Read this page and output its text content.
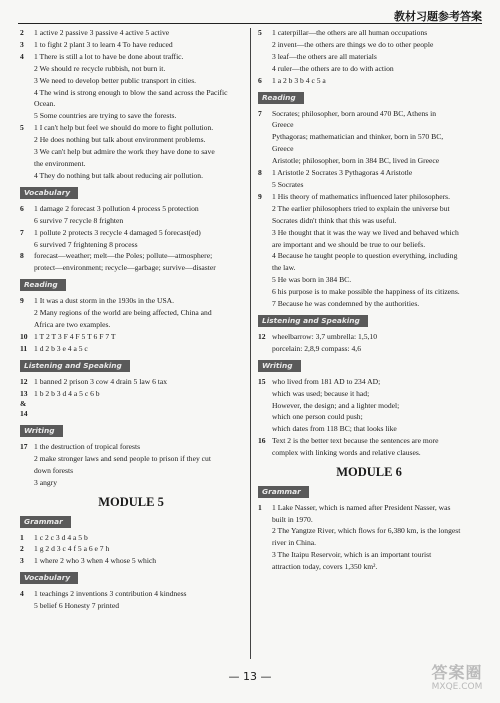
教材习题参考答案
2	1 active 2 passive 3 passive 4 active 5 active
3	1 to fight 2 plant 3 to learn 4 To have reduced
4	1 There is still a lot to have be done about traffic.
2 We should re recycle rubbish, not burn it.
3 We need to develop better public transport in cities.
4 The wind is strong enough to blow the sand across the Pacific
Ocean.
5 Some countries are trying to save the forests.
5	1 I can't help but feel we should do more to fight pollution.
2 He does nothing but talk about environment problems.
3 We can't help but admire the work they have done to save
the environment.
4 They do nothing but talk about reducing air pollution.
Vocabulary
6	1 damage 2 forecast 3 pollution 4 process 5 protection
6 survive 7 recycle 8 frighten
7	1 pollute 2 protects 3 recycle 4 damaged 5 forecast(ed)
6 survived 7 frightening 8 process
8	forecast—weather; melt—the Poles; pollute—atmosphere;
protect—environment; recycle—garbage; survive—disaster
Reading
9	1 It was a dust storm in the 1930s in the USA.
2 Many regions of the world are being affected, China and
Africa are two examples.
10 1 T 2 T 3 F 4 F 5 T 6 F 7 T
11 1 d 2 b 3 e 4 a 5 c
Listening and Speaking
12 1 banned 2 prison 3 cow 4 drain 5 law 6 tax
13 & 14
1 b 2 b 3 d 4 a 5 c 6 b
Writing
17 1 the destruction of tropical forests
2 make stronger laws and send people to prison if they cut
down forests
3 angry
MODULE 5
Grammar
1	1 c 2 c 3 d 4 a 5 b
2	1 g 2 d 3 c 4 f 5 a 6 e 7 h
3	1 where 2 who 3 when 4 whose 5 which
Vocabulary
4	1 teachings 2 inventions 3 contribution 4 kindness
5 belief 6 Honesty 7 printed
5	1 caterpillar—the others are all human occupations
2 invent—the others are things we do to other people
3 leaf—the others are all materials
4 ruler—the others are to do with action
6	1 a 2 b 3 b 4 c 5 a
Reading
7	Socrates; philosopher, born around 470 BC, Athens in
Greece
Pythagoras; mathematician and thinker, born in 570 BC,
Greece
Aristotle; philosopher, born in 384 BC, lived in Greece
8	1 Aristotle 2 Socrates 3 Pythagoras 4 Aristotle
5 Socrates
9	1 His theory of mathematics influenced later philosophers.
2 The earlier philosophers tried to explain the universe but
Socrates didn't think that this was useful.
3 He thought that it was the way we lived and behaved which
are important and we should be true to our beliefs.
4 Because he taught people to question everything, including
the law.
5 He was born in 384 BC.
6 his purpose is to make possible the happiness of its citizens.
7 Because he was condemned by the authorities.
Listening and Speaking
12 wheelbarrow: 3,7 umbrella: 1,5,10
porcelain: 2,8,9 compass: 4,6
Writing
15 who lived from 181 AD to 234 AD;
which was used; because it had;
However, the design; and a lighter model;
which one person could push;
which dates from 118 BC; that looks like
16 Text 2 is the better text because the sentences are more
complex with linking words and relative clauses.
MODULE 6
Grammar
1	1 Lake Nasser, which is named after President Nasser, was
built in 1970.
2 The Yangtze River, which flows for 6,380 km, is the longest
river in China.
3 The Itaipu Reservoir, which is an important tourist
attraction today, covers 1,350 km².
— 13 —	答案圈
MXQE.COM
